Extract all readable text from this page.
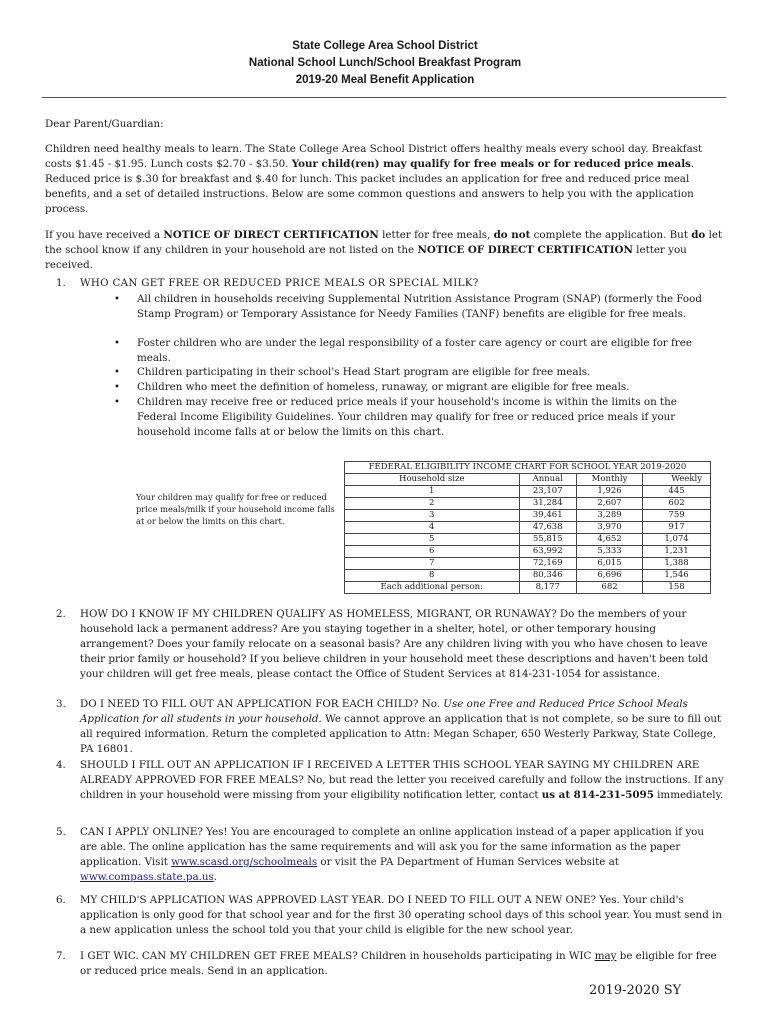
State College Area School District
National School Lunch/School Breakfast Program
2019-20 Meal Benefit Application

Dear Parent/Guardian:

Children need healthy meals to learn. The State College Area School District offers healthy meals every school day. Breakfast costs $1.45 - $1.95. Lunch costs $2.70 - $3.50. Your child(ren) may qualify for free meals or for reduced price meals. Reduced price is $.30 for breakfast and $.40 for lunch. This packet includes an application for free and reduced price meal benefits, and a set of detailed instructions. Below are some common questions and answers to help you with the application process.

If you have received a NOTICE OF DIRECT CERTIFICATION letter for free meals, do not complete the application. But do let the school know if any children in your household are not listed on the NOTICE OF DIRECT CERTIFICATION letter you received.

1. WHO CAN GET FREE OR REDUCED PRICE MEALS OR SPECIAL MILK?

• All children in households receiving Supplemental Nutrition Assistance Program (SNAP) (formerly the Food Stamp Program) or Temporary Assistance for Needy Families (TANF) benefits are eligible for free meals.

• Foster children who are under the legal responsibility of a foster care agency or court are eligible for free meals.

• Children participating in their school's Head Start program are eligible for free meals.

• Children who meet the definition of homeless, runaway, or migrant are eligible for free meals.

• Children may receive free or reduced price meals if your household's income is within the limits on the Federal Income Eligibility Guidelines. Your children may qualify for free or reduced price meals if your household income falls at or below the limits on this chart.

Your children may qualify for free or reduced price meals/milk if your household income falls at or below the limits on this chart.
FEDERAL ELIGIBILITY INCOME CHART FOR SCHOOL YEAR 2019-2020			
Household size	Annual	Monthly	Weekly
1	23,107	1,926	445
2	31,284	2,607	602
3	39,461	3,289	759
4	47,638	3,970	917
5	55,815	4,652	1,074
6	63,992	5,333	1,231
7	72,169	6,015	1,388
8	80,346	6,696	1,546
Each additional person:	8,177	682	158
2. HOW DO I KNOW IF MY CHILDREN QUALIFY AS HOMELESS, MIGRANT, OR RUNAWAY? Do the members of your household lack a permanent address? Are you staying together in a shelter, hotel, or other temporary housing arrangement? Does your family relocate on a seasonal basis? Are any children living with you who have chosen to leave their prior family or household? If you believe children in your household meet these descriptions and haven't been told your children will get free meals, please contact the Office of Student Services at 814-231-1054 for assistance.

3. DO I NEED TO FILL OUT AN APPLICATION FOR EACH CHILD? No. Use one Free and Reduced Price School Meals Application for all students in your household. We cannot approve an application that is not complete, so be sure to fill out all required information. Return the completed application to Attn: Megan Schaper, 650 Westerly Parkway, State College, PA 16801.

4. SHOULD I FILL OUT AN APPLICATION IF I RECEIVED A LETTER THIS SCHOOL YEAR SAYING MY CHILDREN ARE ALREADY APPROVED FOR FREE MEALS? No, but read the letter you received carefully and follow the instructions. If any children in your household were missing from your eligibility notification letter, contact us at 814-231-5095 immediately.

5. CAN I APPLY ONLINE? Yes! You are encouraged to complete an online application instead of a paper application if you are able. The online application has the same requirements and will ask you for the same information as the paper application. Visit www.scasd.org/schoolmeals or visit the PA Department of Human Services website at www.compass.state.pa.us.

6. MY CHILD'S APPLICATION WAS APPROVED LAST YEAR. DO I NEED TO FILL OUT A NEW ONE? Yes. Your child's application is only good for that school year and for the first 30 operating school days of this school year. You must send in a new application unless the school told you that your child is eligible for the new school year.

7. I GET WIC. CAN MY CHILDREN GET FREE MEALS? Children in households participating in WIC may be eligible for free or reduced price meals. Send in an application.

2019-2020 SY
